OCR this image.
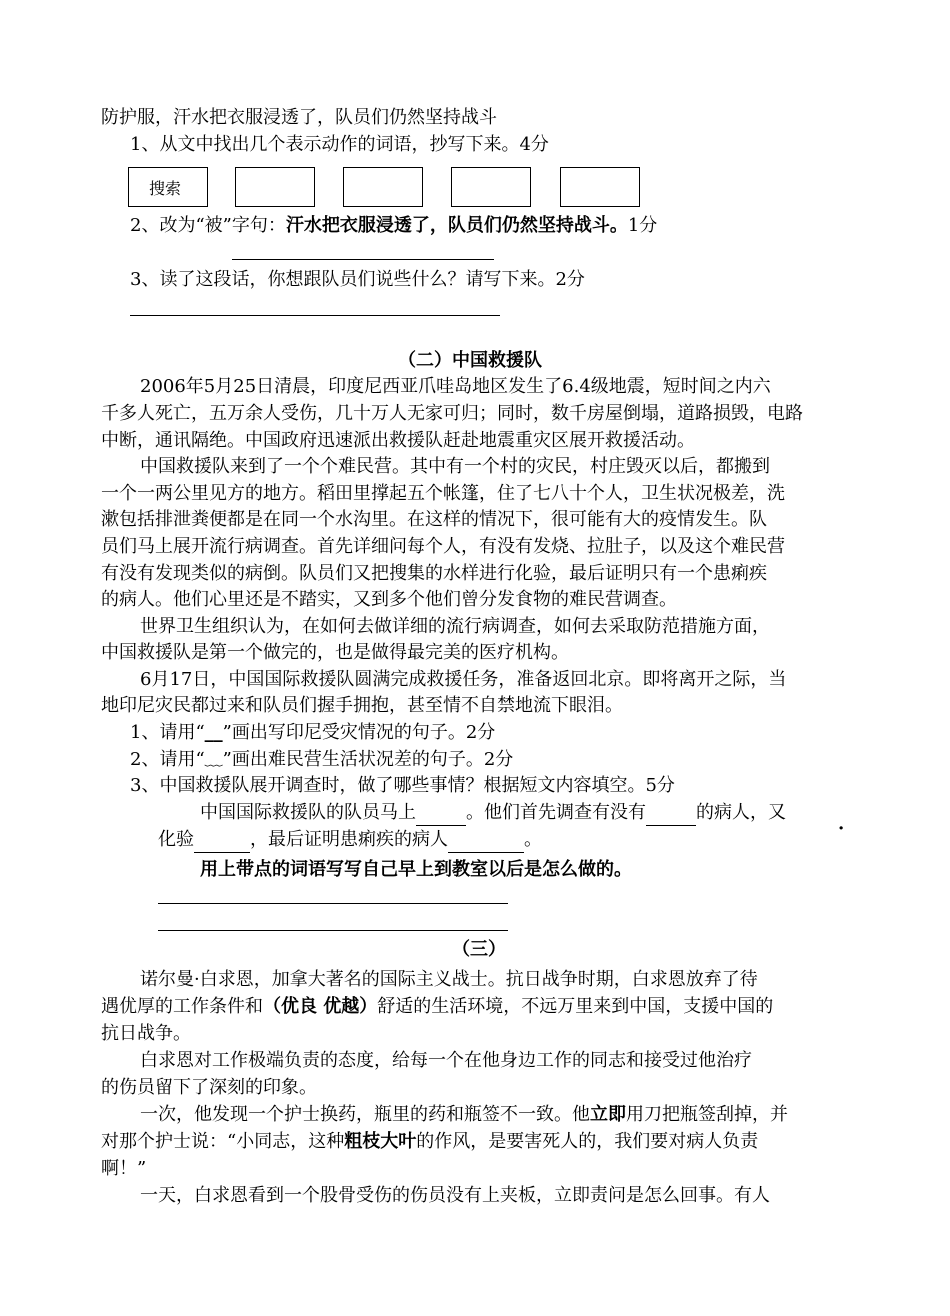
防护服，汗水把衣服浸透了，队员们仍然坚持战斗
1、从文中找出几个表示动作的词语，抄写下来。4分
搜索
2、改为“被”字句：汗水把衣服浸透了，队员们仍然坚持战斗。1分
3、读了这段话，你想跟队员们说些什么？请写下来。2分
（二）中国救援队
2006年5月25日清晨，印度尼西亚爪哇岛地区发生了6.4级地震，短时间之内六
千多人死亡，五万余人受伤，几十万人无家可归；同时，数千房屋倒塌，道路损毁，电路
中断，通讯隔绝。中国政府迅速派出救援队赶赴地震重灾区展开救援活动。
中国救援队来到了一个个难民营。其中有一个村的灾民，村庄毁灭以后，都搬到
一个一两公里见方的地方。稻田里撑起五个帐篷，住了七八十个人，卫生状况极差，洗
漱包括排泄粪便都是在同一个水沟里。在这样的情况下，很可能有大的疫情发生。队
员们马上展开流行病调查。首先详细问每个人，有没有发烧、拉肚子，以及这个难民营
有没有发现类似的病倒。队员们又把搜集的水样进行化验，最后证明只有一个患痢疾
的病人。他们心里还是不踏实，又到多个他们曾分发食物的难民营调查。
世界卫生组织认为，在如何去做详细的流行病调查，如何去采取防范措施方面，
中国救援队是第一个做完的，也是做得最完美的医疗机构。
6月17日，中国国际救援队圆满完成救援任务，准备返回北京。即将离开之际，当
地印尼灾民都过来和队员们握手拥抱，甚至情不自禁地流下眼泪。
1、请用“__”画出写印尼受灾情况的句子。2分
2、请用“﹏”画出难民营生活状况差的句子。2分
3、中国救援队展开调查时，做了哪些事情？根据短文内容填空。5分
中国国际救援队的队员马上	。他们首先调查有没有	的病人，又
·
化验	，最后证明患痢疾的病人	。
用上带点的词语写写自己早上到教室以后是怎么做的。
（三）
诺尔曼·白求恩，加拿大著名的国际主义战士。抗日战争时期，白求恩放弃了待
遇优厚的工作条件和（优良 优越）舒适的生活环境，不远万里来到中国，支援中国的
抗日战争。
白求恩对工作极端负责的态度，给每一个在他身边工作的同志和接受过他治疗
的伤员留下了深刻的印象。
一次，他发现一个护士换药，瓶里的药和瓶签不一致。他立即用刀把瓶签刮掉，并
对那个护士说：“小同志，这种粗枝大叶的作风，是要害死人的，我们要对病人负责
啊！”
一天，白求恩看到一个股骨受伤的伤员没有上夹板，立即责问是怎么回事。有人
